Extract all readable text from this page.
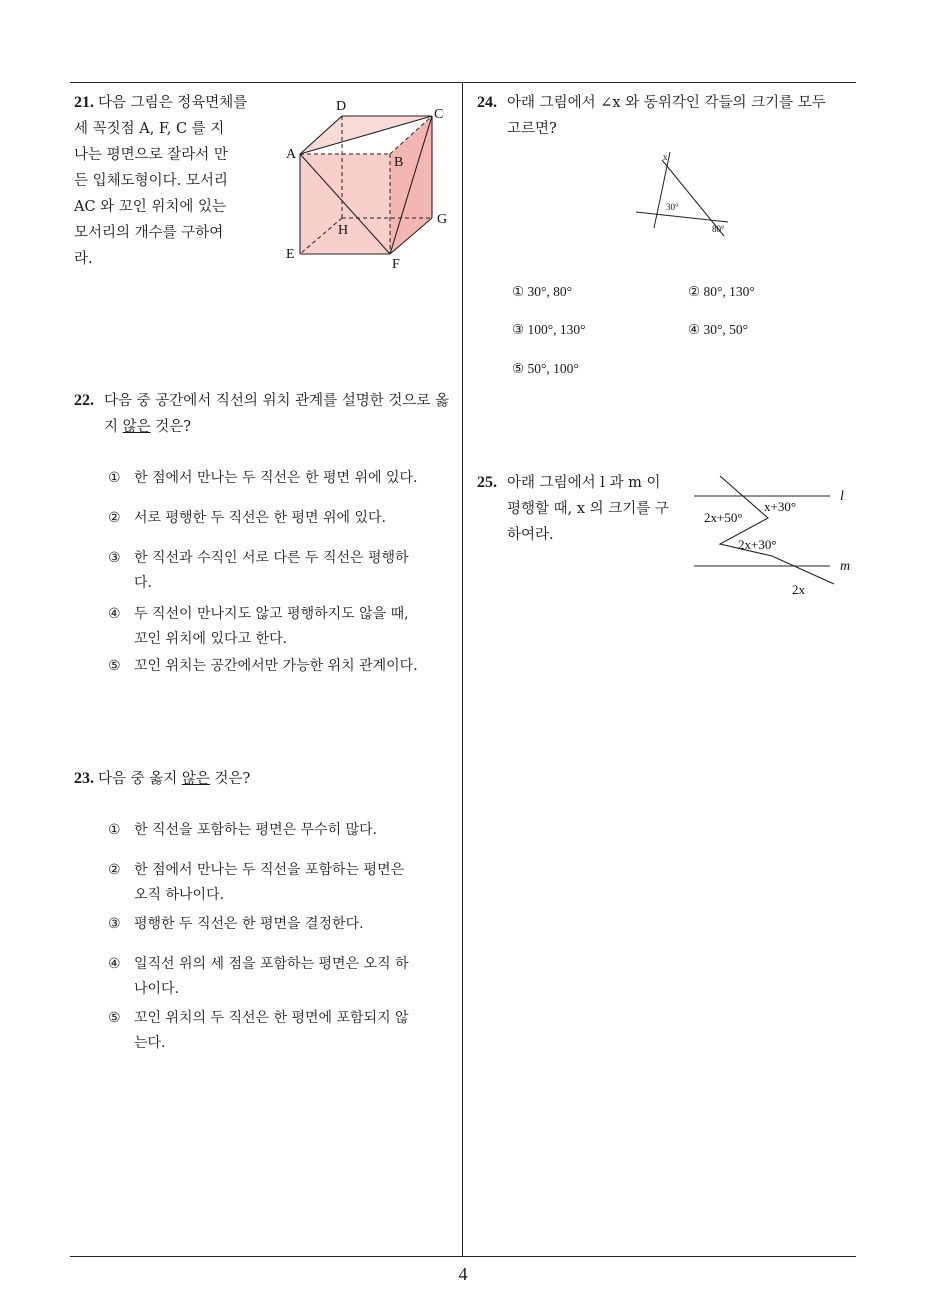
21. 다음 그림은 정육면체를
세 꼭짓점 A, F, C 를 지
나는 평면으로 잘라서 만
든 입체도형이다. 모서리
AC 와 꼬인 위치에 있는
모서리의 개수를 구하여
라.
A
D
C
B
G
H
E
F
22. 다음 중 공간에서 직선의 위치 관계를 설명한 것으로 옳지 않은 것은?
① 한 점에서 만나는 두 직선은 한 평면 위에 있다.
② 서로 평행한 두 직선은 한 평면 위에 있다.
③ 한 직선과 수직인 서로 다른 두 직선은 평행하
다.
④ 두 직선이 만나지도 않고 평행하지도 않을 때,
꼬인 위치에 있다고 한다.
⑤ 꼬인 위치는 공간에서만 가능한 위치 관계이다.
23. 다음 중 옳지 않은 것은?
① 한 직선을 포함하는 평면은 무수히 많다.
② 한 점에서 만나는 두 직선을 포함하는 평면은
오직 하나이다.
③ 평행한 두 직선은 한 평면을 결정한다.
④ 일직선 위의 세 점을 포함하는 평면은 오직 하
나이다.
⑤ 꼬인 위치의 두 직선은 한 평면에 포함되지 않
는다.
24. 아래 그림에서 ∠x 와 동위각인 각들의 크기를 모두
고르면?
x
30°
80°
① 30°, 80°	② 80°, 130°
③ 100°, 130°	④ 30°, 50°
⑤ 50°, 100°
25. 아래 그림에서 l 과 m 이
평행할 때, x 의 크기를 구
하여라.
l
m
x+30°
2x+50°
2x+30°
2x
4
